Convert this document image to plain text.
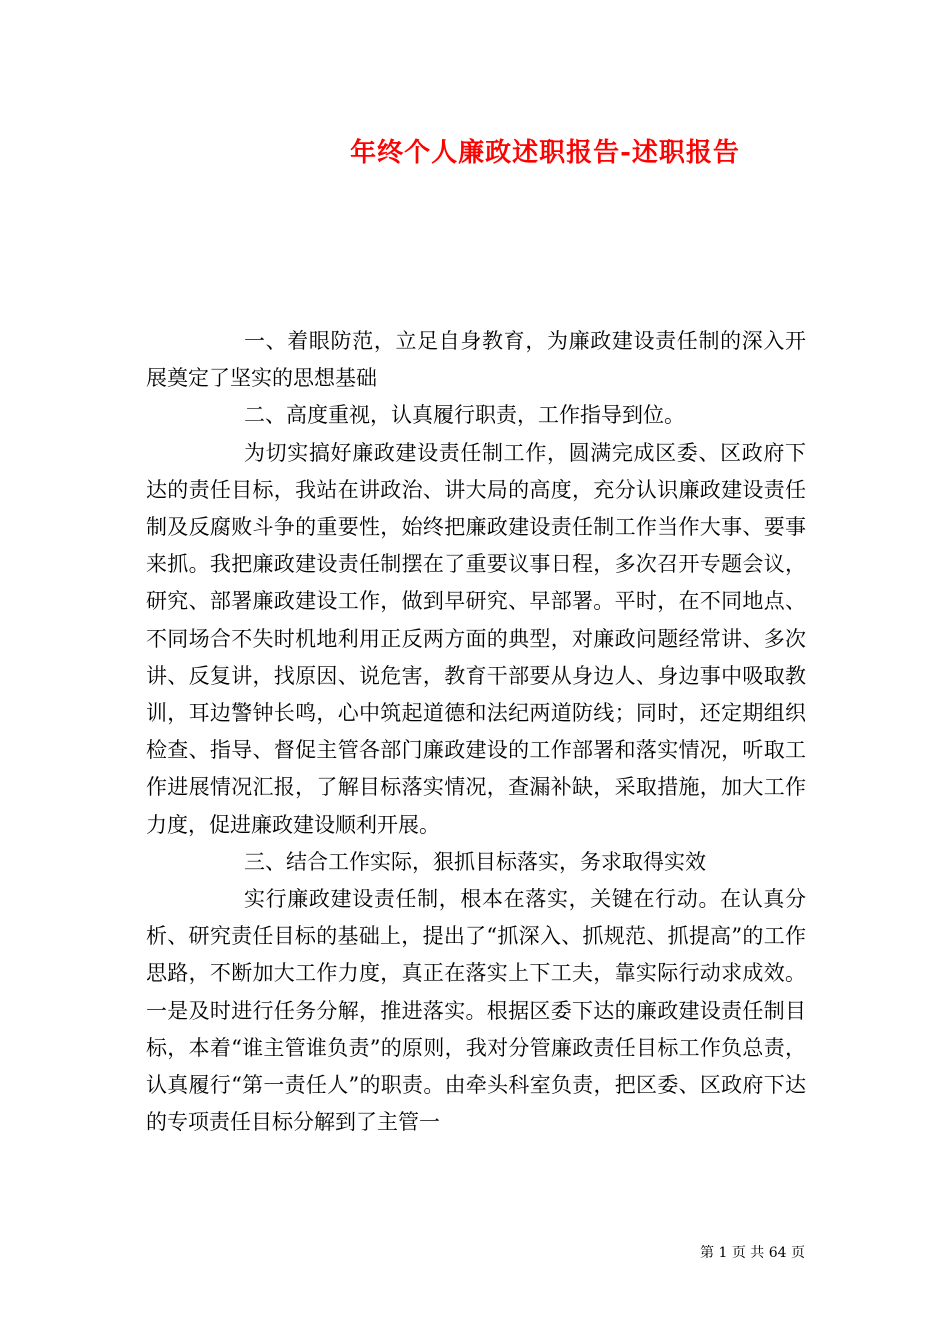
年终个人廉政述职报告-述职报告

一、着眼防范，立足自身教育，为廉政建设责任制的深入开展奠定了坚实的思想基础

二、高度重视，认真履行职责，工作指导到位。

为切实搞好廉政建设责任制工作，圆满完成区委、区政府下达的责任目标，我站在讲政治、讲大局的高度，充分认识廉政建设责任制及反腐败斗争的重要性，始终把廉政建设责任制工作当作大事、要事来抓。我把廉政建设责任制摆在了重要议事日程，多次召开专题会议，研究、部署廉政建设工作，做到早研究、早部署。平时，在不同地点、不同场合不失时机地利用正反两方面的典型，对廉政问题经常讲、多次讲、反复讲，找原因、说危害，教育干部要从身边人、身边事中吸取教训，耳边警钟长鸣，心中筑起道德和法纪两道防线；同时，还定期组织检查、指导、督促主管各部门廉政建设的工作部署和落实情况，听取工作进展情况汇报，了解目标落实情况，查漏补缺，采取措施，加大工作力度，促进廉政建设顺利开展。

三、结合工作实际，狠抓目标落实，务求取得实效

实行廉政建设责任制，根本在落实，关键在行动。在认真分析、研究责任目标的基础上，提出了“抓深入、抓规范、抓提高”的工作思路，不断加大工作力度，真正在落实上下工夫，靠实际行动求成效。一是及时进行任务分解，推进落实。根据区委下达的廉政建设责任制目标，本着“谁主管谁负责”的原则，我对分管廉政责任目标工作负总责，认真履行“第一责任人”的职责。由牵头科室负责，把区委、区政府下达的专项责任目标分解到了主管一

第 1 页 共 64 页
